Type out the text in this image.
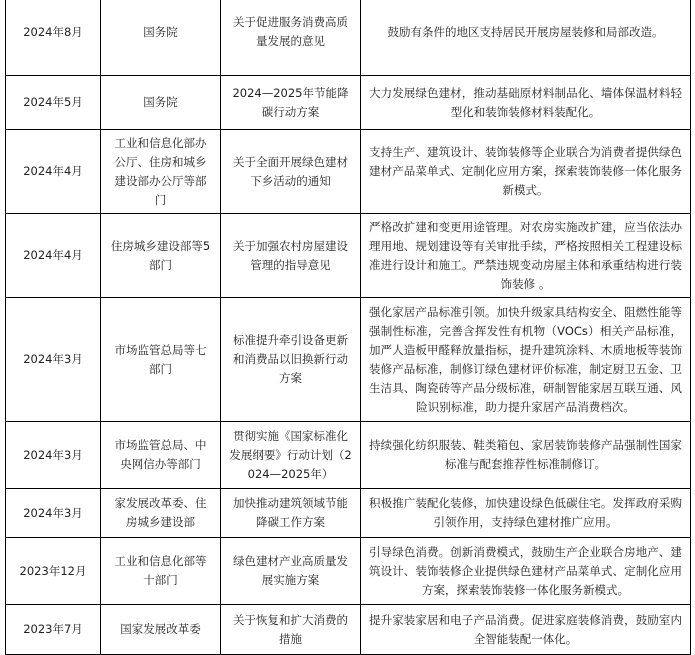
2024年8月	国务院	关于促进服务消费高质量发展的意见	鼓励有条件的地区支持居民开展房屋装修和局部改造。
2024年5月	国务院	2024—2025年节能降碳行动方案	大力发展绿色建材，推动基础原材料制品化、墙体保温材料轻型化和装饰装修材料装配化。
2024年4月	工业和信息化部办公厅、住房和城乡建设部办公厅等部门	关于全面开展绿色建材下乡活动的通知	支持生产、建筑设计、装饰装修等企业联合为消费者提供绿色建材产品菜单式、定制化应用方案，探索装饰装修一体化服务新模式。
2024年4月	住房城乡建设部等5部门	关于加强农村房屋建设管理的指导意见	严格改扩建和变更用途管理。对农房实施改扩建，应当依法办理用地、规划建设等有关审批手续，严格按照相关工程建设标准进行设计和施工。严禁违规变动房屋主体和承重结构进行装饰装修 。
2024年3月	市场监管总局等七部门	标准提升牵引设备更新和消费品以旧换新行动方案	强化家居产品标准引领。加快升级家具结构安全、阻燃性能等强制性标准，完善含挥发性有机物（VOCs）相关产品标准，加严人造板甲醛释放量指标，提升建筑涂料、木质地板等装饰装修产品标准，制修订绿色建材评价标准，制定厨卫五金、卫生洁具、陶瓷砖等产品分级标准，研制智能家居互联互通、风险识别标准，助力提升家居产品消费档次。
2024年3月	市场监管总局、中央网信办等部门	贯彻实施《国家标准化发展纲要》行动计划（2024—2025年）	持续强化纺织服装、鞋类箱包、家居装饰装修产品强制性国家标准与配套推荐性标准制修订。
2024年3月	家发展改革委、住房城乡建设部	加快推动建筑领域节能降碳工作方案	积极推广装配化装修，加快建设绿色低碳住宅。发挥政府采购引领作用，支持绿色建材推广应用。
2023年12月	工业和信息化部等十部门	绿色建材产业高质量发展实施方案	引导绿色消费。创新消费模式，鼓励生产企业联合房地产、建筑设计、装饰装修企业提供绿色建材产品菜单式、定制化应用方案，探索装饰装修一体化服务新模式。
2023年7月	国家发展改革委	关于恢复和扩大消费的措施	提升家装家居和电子产品消费。促进家庭装修消费，鼓励室内全智能装配一体化。
